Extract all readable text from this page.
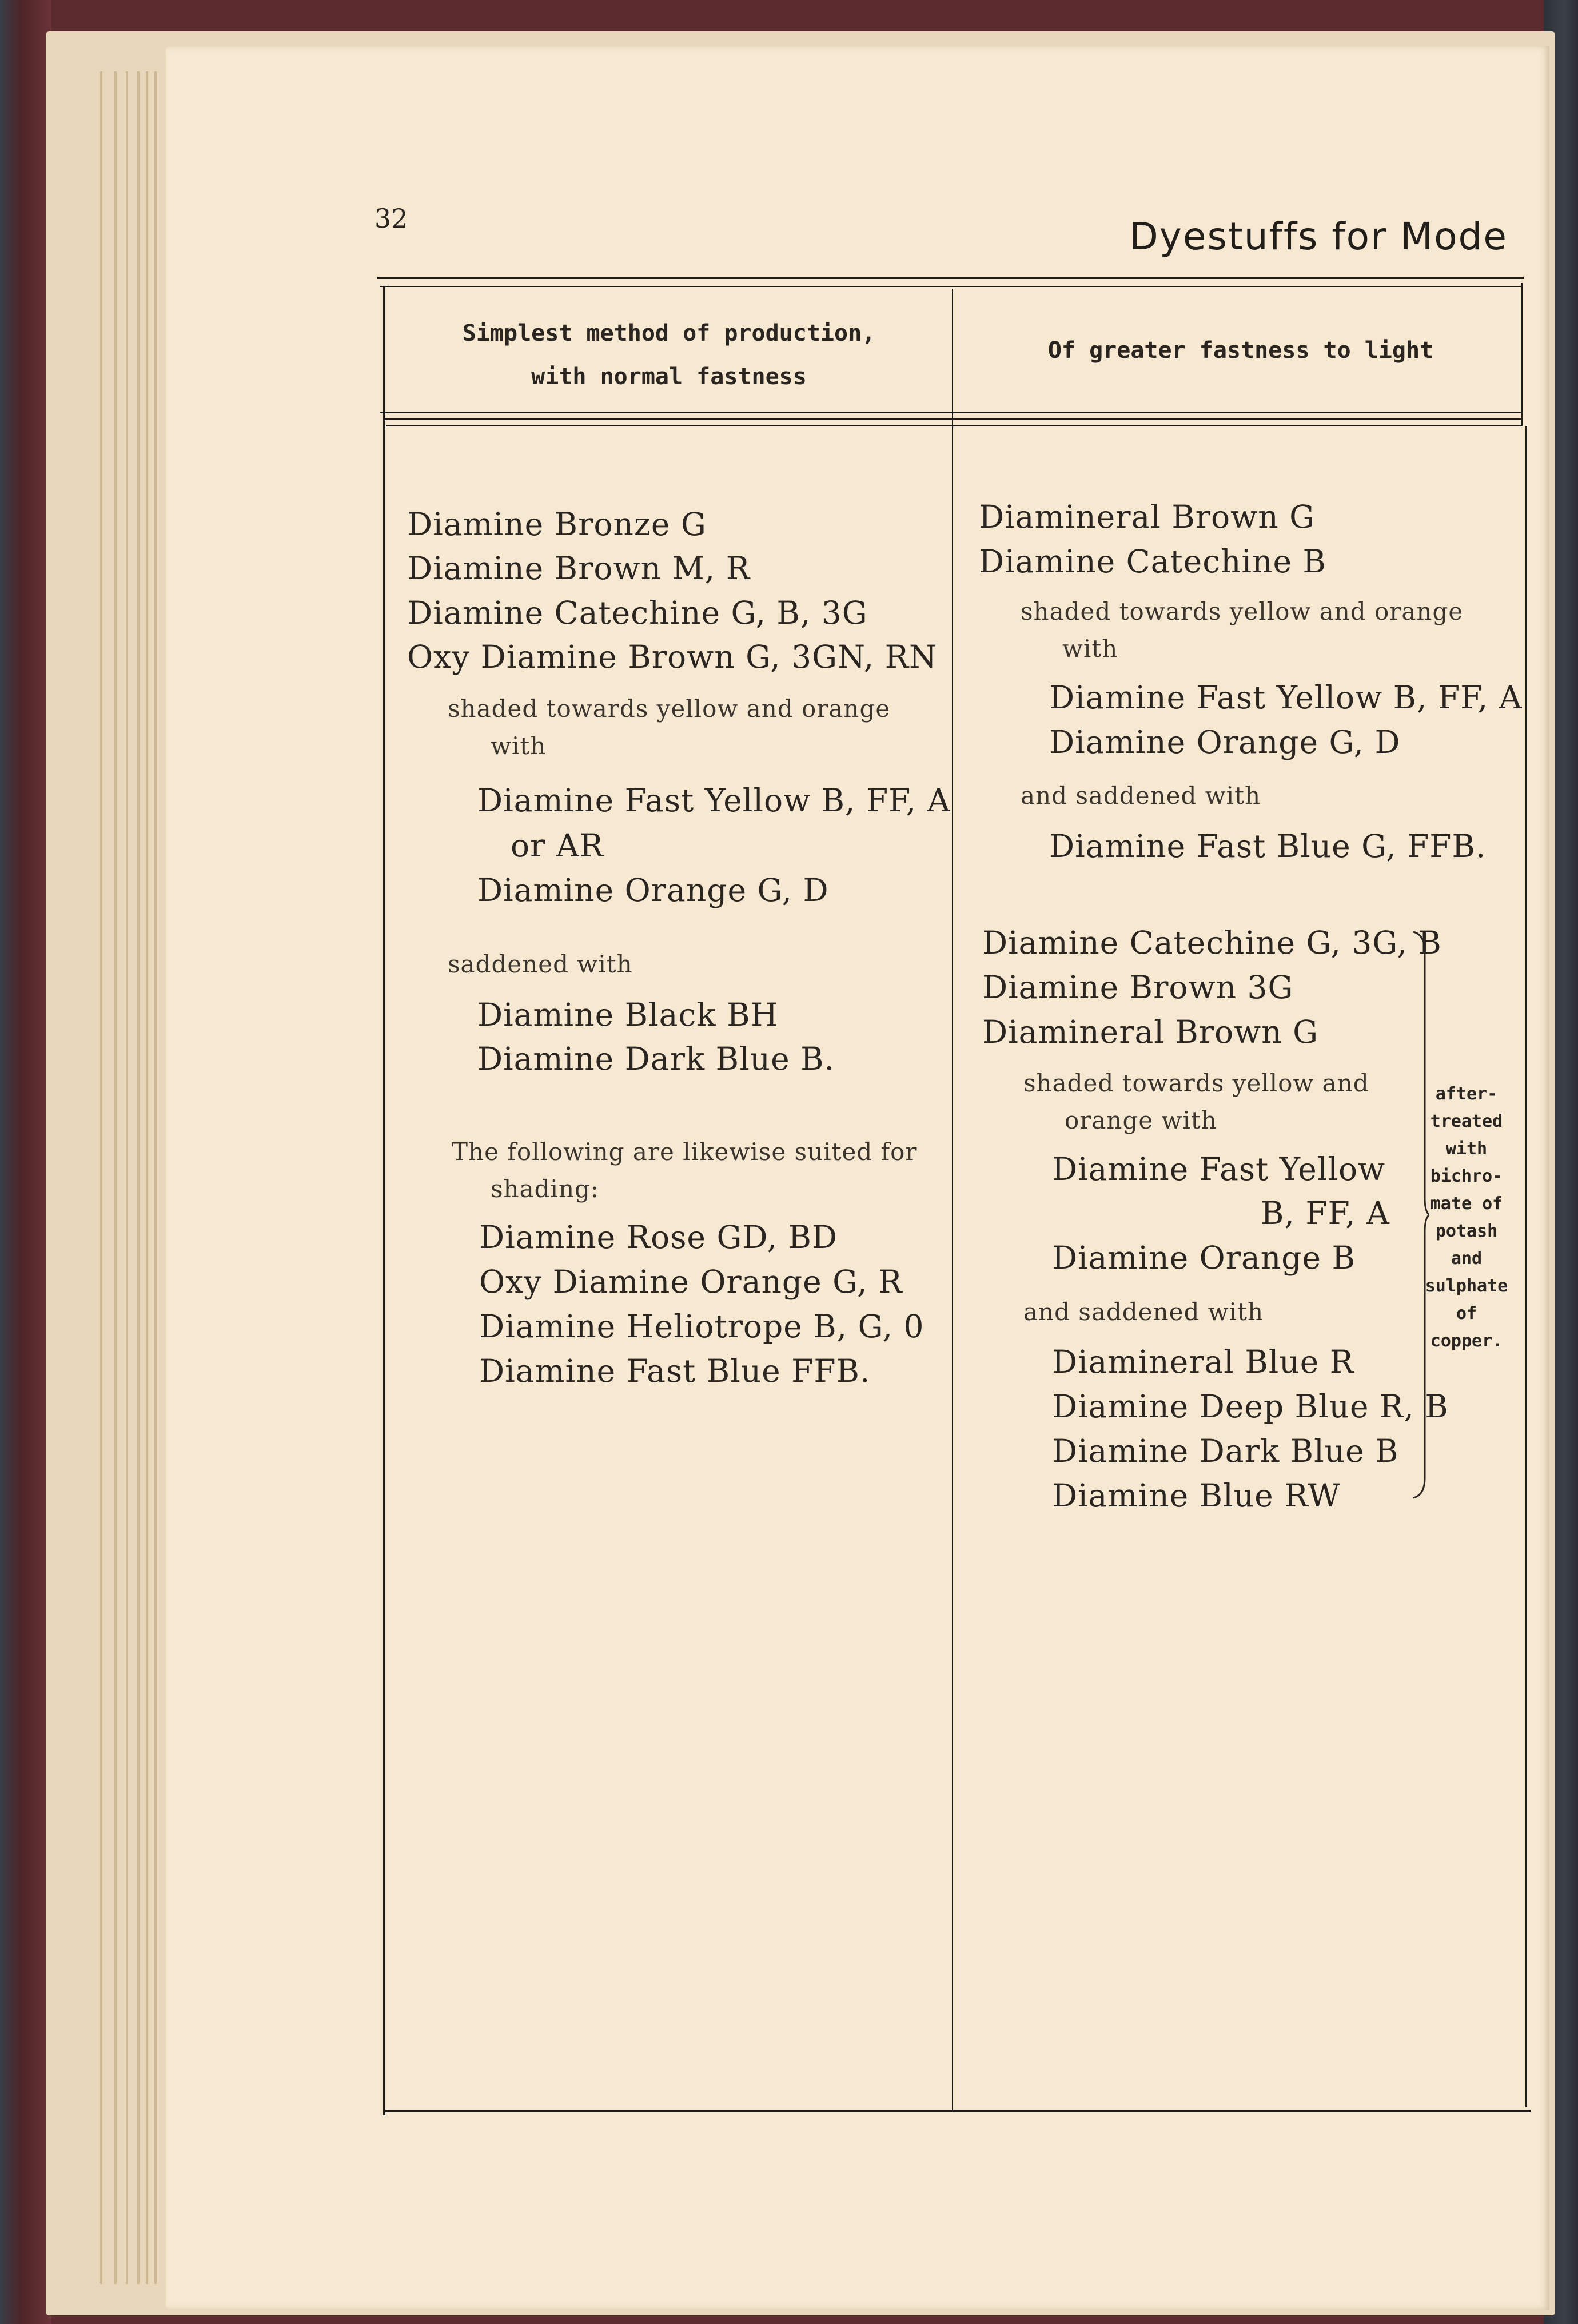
32	Dyestuffs for Mode
Simplest method of production,
with normal fastness
Of greater fastness to light
Diamine Bronze G
Diamine Brown M, R
Diamine Catechine G, B, 3G
Oxy Diamine Brown G, 3GN, RN
shaded towards yellow and orange
with
Diamine Fast Yellow B, FF, A
or AR
Diamine Orange G, D
saddened with
Diamine Black BH
Diamine Dark Blue B.
The following are likewise suited for
shading:
Diamine Rose GD, BD
Oxy Diamine Orange G, R
Diamine Heliotrope B, G, 0
Diamine Fast Blue FFB.
Diamineral Brown G
Diamine Catechine B
shaded towards yellow and orange
with
Diamine Fast Yellow B, FF, A
Diamine Orange G, D
and saddened with
Diamine Fast Blue G, FFB.
Diamine Catechine G, 3G, B
Diamine Brown 3G
Diamineral Brown G
shaded towards yellow and
orange with
Diamine Fast Yellow
B, FF, A
Diamine Orange B
and saddened with
Diamineral Blue R
Diamine Deep Blue R, B
Diamine Dark Blue B
Diamine Blue RW
after-
treated
with
bichro-
mate of
potash
and
sulphate
of
copper.
